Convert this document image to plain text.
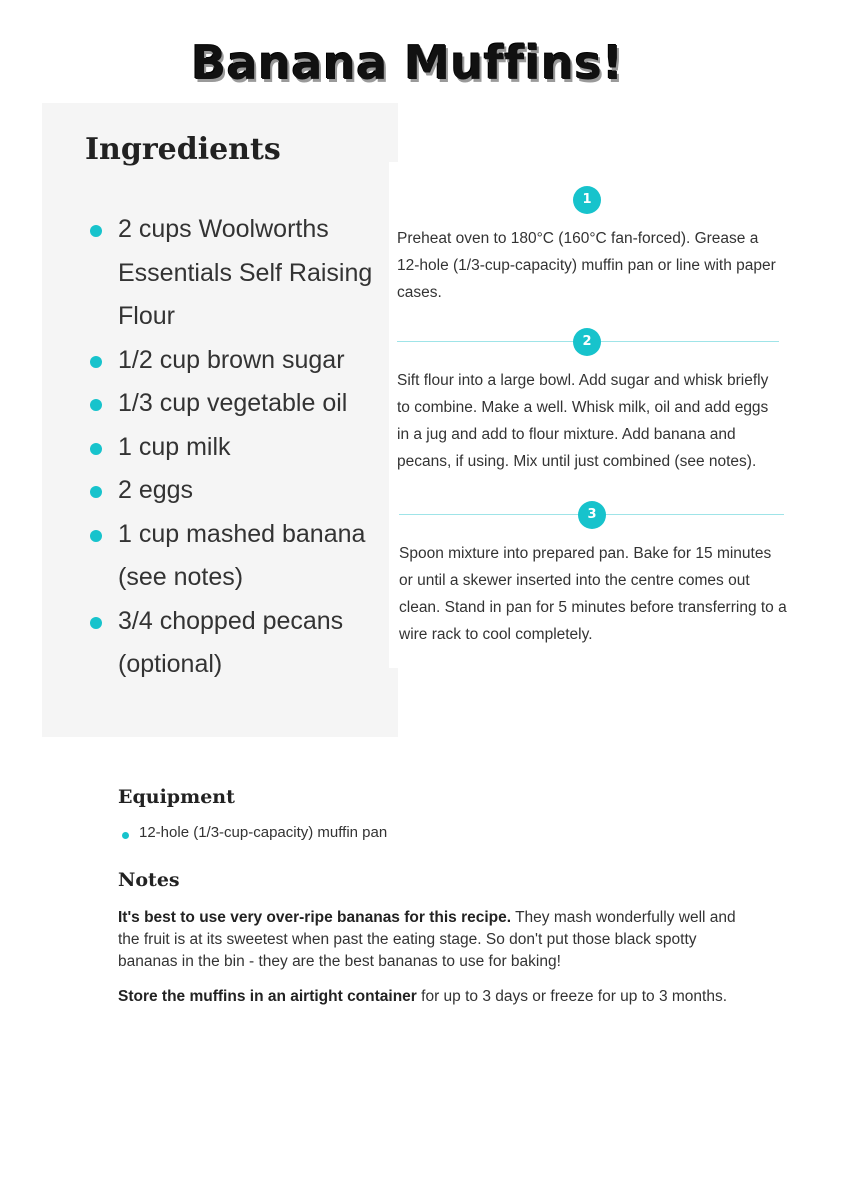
Banana Muffins!
Ingredients
2 cups Woolworths Essentials Self Raising Flour
1/2 cup brown sugar
1/3 cup vegetable oil
1 cup milk
2 eggs
1 cup mashed banana (see notes)
3/4 chopped pecans (optional)
1

Preheat oven to 180°C (160°C fan-forced). Grease a 12-hole (1/3-cup-capacity) muffin pan or line with paper cases.

2

Sift flour into a large bowl. Add sugar and whisk briefly to combine. Make a well. Whisk milk, oil and add eggs in a jug and add to flour mixture. Add banana and pecans, if using. Mix until just combined (see notes).

3

Spoon mixture into prepared pan. Bake for 15 minutes or until a skewer inserted into the centre comes out clean. Stand in pan for 5 minutes before transferring to a wire rack to cool completely.

Equipment
12-hole (1/3-cup-capacity) muffin pan
Notes

It's best to use very over-ripe bananas for this recipe. They mash wonderfully well and the fruit is at its sweetest when past the eating stage. So don't put those black spotty bananas in the bin - they are the best bananas to use for baking!

Store the muffins in an airtight container for up to 3 days or freeze for up to 3 months.
